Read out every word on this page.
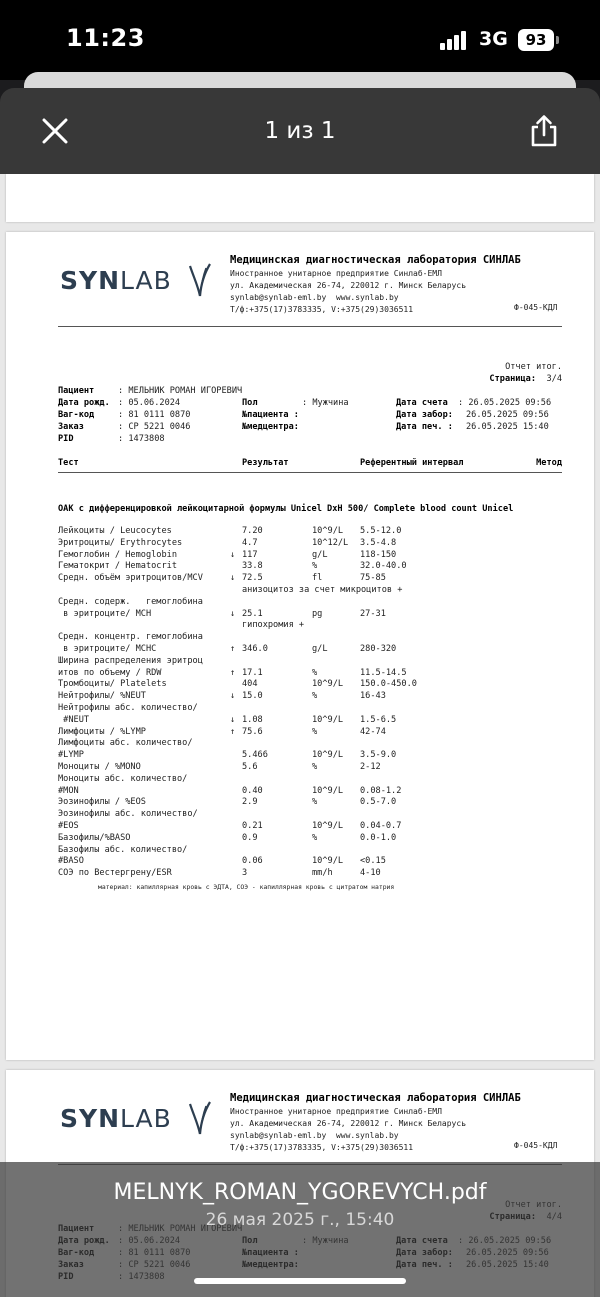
11:23	3G	93
1 из 1
SYNLAB
Медицинская диагностическая лаборатория СИНЛАБ
Иностранное унитарное предприятие Синлаб-ЕМЛ
ул. Академическая 26-74, 220012 г. Минск Беларусь
synlab@synlab-eml.by  www.synlab.by
Т/ф:+375(17)3783335, V:+375(29)3036511	Ф-045-КДЛ
Отчет итог.
Страница:	3/4
Пациент	: МЕЛЬНИК РОМАН ИГОРЕВИЧ
Дата рожд. : 05.06.2024	Пол	: Мужчина	Дата счета : 26.05.2025 09:56
Ваг-код	: 81 0111 0870	№пациента :	Дата забор: 26.05.2025 09:56
Заказ	: СР 5221 0046	№медцентра:	Дата печ. : 26.05.2025 15:40
PID	: 1473808
Тест	Результат	Референтный интервал	Метод
ОАК с дифференцировкой лейкоцитарной формулы Unicel DxH 500/ Complete blood count Unicel
Лейкоциты / Leucocytes	7.20	10^9/L 5.5-12.0
Эритроциты/ Erythrocytes	4.7	10^12/L 3.5-4.8
Гемоглобин / Hemoglobin	↓ 117	g/L	118-150
Гематокрит / Hematocrit	33.8	%	32.0-40.0
Средн. объём эритроцитов/MCV	↓ 72.5	fl	75-85
анизоцитоз за счет микроцитов +
Средн. содерж.   гемоглобина
в эритроците/ MCH	↓ 25.1	pg	27-31
гипохромия +
Средн. концентр. гемоглобина
в эритроците/ MCHC	↑ 346.0	g/L	280-320
Ширина распределения эритроц
итов по объему / RDW	↑ 17.1	%	11.5-14.5
Тромбоциты/ Platelets	404	10^9/L 150.0-450.0
Нейтрофилы/ %NEUT	↓ 15.0	%	16-43
Нейтрофилы абс. количество/
#NEUT	↓ 1.08	10^9/L 1.5-6.5
Лимфоциты / %LYMP	↑ 75.6	%	42-74
Лимфоциты абс. количество/
#LYMP	5.466	10^9/L 3.5-9.0
Моноциты / %MONO	5.6	%	2-12
Моноциты абс. количество/
#MON	0.40	10^9/L 0.08-1.2
Эозинофилы / %EOS	2.9	%	0.5-7.0
Эозинофилы абс. количество/
#EOS	0.21	10^9/L 0.04-0.7
Базофилы/%BASO	0.9	%	0.0-1.0
Базофилы абс. количество/
#BASO	0.06	10^9/L <0.15
СОЭ по Вестергрену/ESR	3	mm/h	4-10
материал: капиллярная кровь с ЭДТА, СОЭ - капиллярная кровь с цитратом натрия
SYNLAB
Медицинская диагностическая лаборатория СИНЛАБ
Иностранное унитарное предприятие Синлаб-ЕМЛ
ул. Академическая 26-74, 220012 г. Минск Беларусь
synlab@synlab-eml.by  www.synlab.by
Т/ф:+375(17)3783335, V:+375(29)3036511	Ф-045-КДЛ
MELNYK_ROMAN_YGOREVYCH.pdf
26 мая 2025 г., 15:40
